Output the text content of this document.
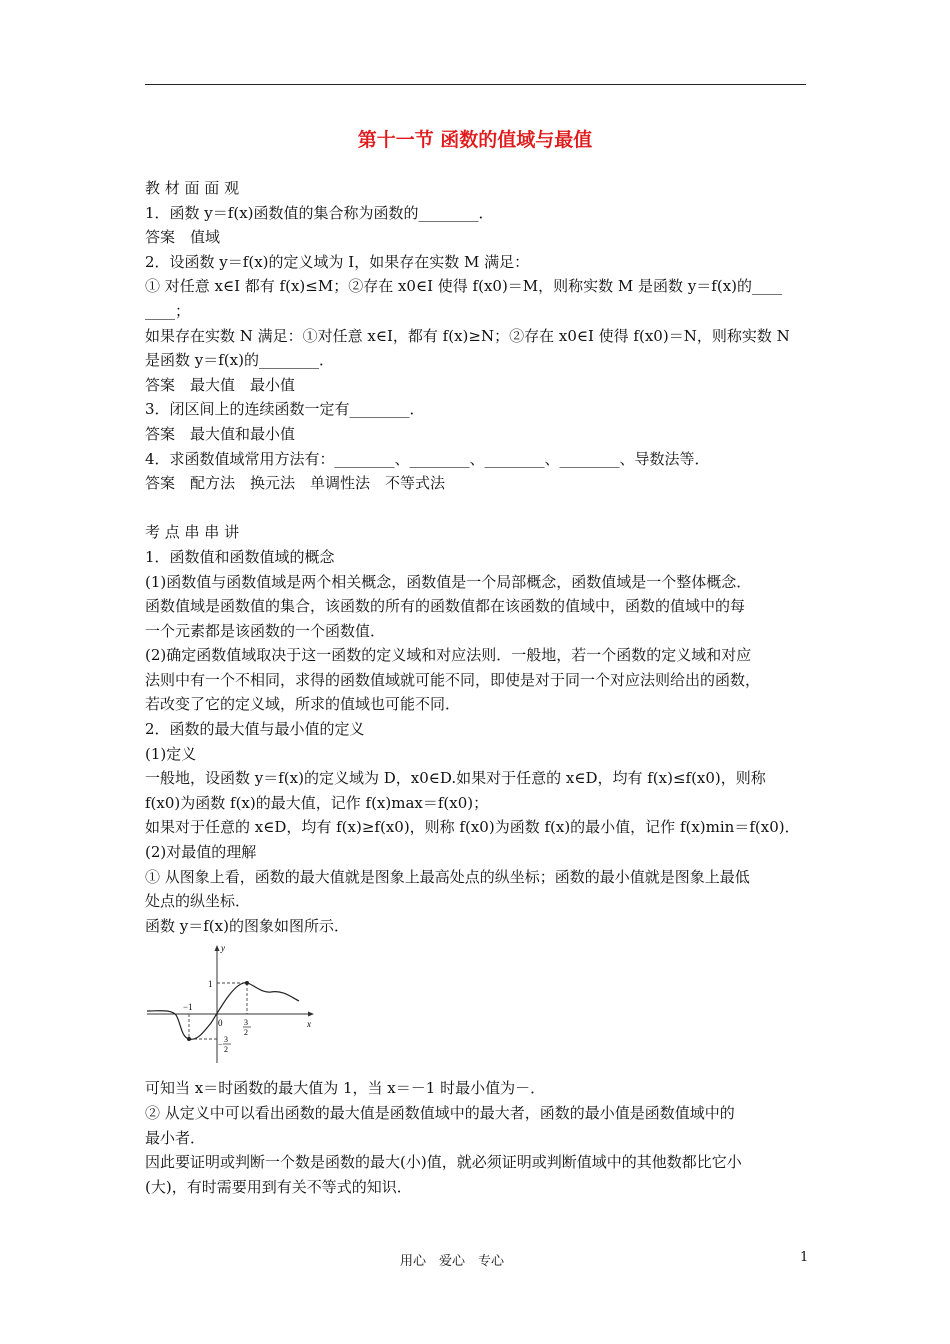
第十一节 函数的值域与最值

教 材 面 面 观

1．函数 y＝f(x)函数值的集合称为函数的________．

答案　值域

2．设函数 y＝f(x)的定义域为 I，如果存在实数 M 满足：

① 对任意 x∈I 都有 f(x)≤M；②存在 x0∈I 使得 f(x0)＝M，则称实数 M 是函数 y＝f(x)的____

____；

如果存在实数 N 满足：①对任意 x∈I，都有 f(x)≥N；②存在 x0∈I 使得 f(x0)＝N，则称实数 N

是函数 y＝f(x)的________．

答案　最大值　最小值

3．闭区间上的连续函数一定有________．

答案　最大值和最小值

4．求函数值域常用方法有：________、________、________、________、导数法等．

答案　配方法　换元法　单调性法　不等式法

考 点 串 串 讲

1．函数值和函数值域的概念

(1)函数值与函数值域是两个相关概念，函数值是一个局部概念，函数值域是一个整体概念．

函数值域是函数值的集合，该函数的所有的函数值都在该函数的值域中，函数的值域中的每

一个元素都是该函数的一个函数值．

(2)确定函数值域取决于这一函数的定义域和对应法则．一般地，若一个函数的定义域和对应

法则中有一个不相同，求得的函数值域就可能不同，即使是对于同一个对应法则给出的函数，

若改变了它的定义域，所求的值域也可能不同．

2．函数的最大值与最小值的定义

(1)定义

一般地，设函数 y＝f(x)的定义域为 D，x0∈D.如果对于任意的 x∈D，均有 f(x)≤f(x0)，则称

f(x0)为函数 f(x)的最大值，记作 f(x)max＝f(x0)；

如果对于任意的 x∈D，均有 f(x)≥f(x0)，则称 f(x0)为函数 f(x)的最小值，记作 f(x)min＝f(x0)．

(2)对最值的理解

① 从图象上看，函数的最大值就是图象上最高处点的纵坐标；函数的最小值就是图象上最低

处点的纵坐标．

函数 y＝f(x)的图象如图所示．

y
x
0
1
−1
3
2
−
3
2

可知当 x＝时函数的最大值为 1，当 x＝－1 时最小值为－．

② 从定义中可以看出函数的最大值是函数值域中的最大者，函数的最小值是函数值域中的

最小者．

因此要证明或判断一个数是函数的最大(小)值，就必须证明或判断值域中的其他数都比它小

(大)，有时需要用到有关不等式的知识．

用心　爱心　专心	1
